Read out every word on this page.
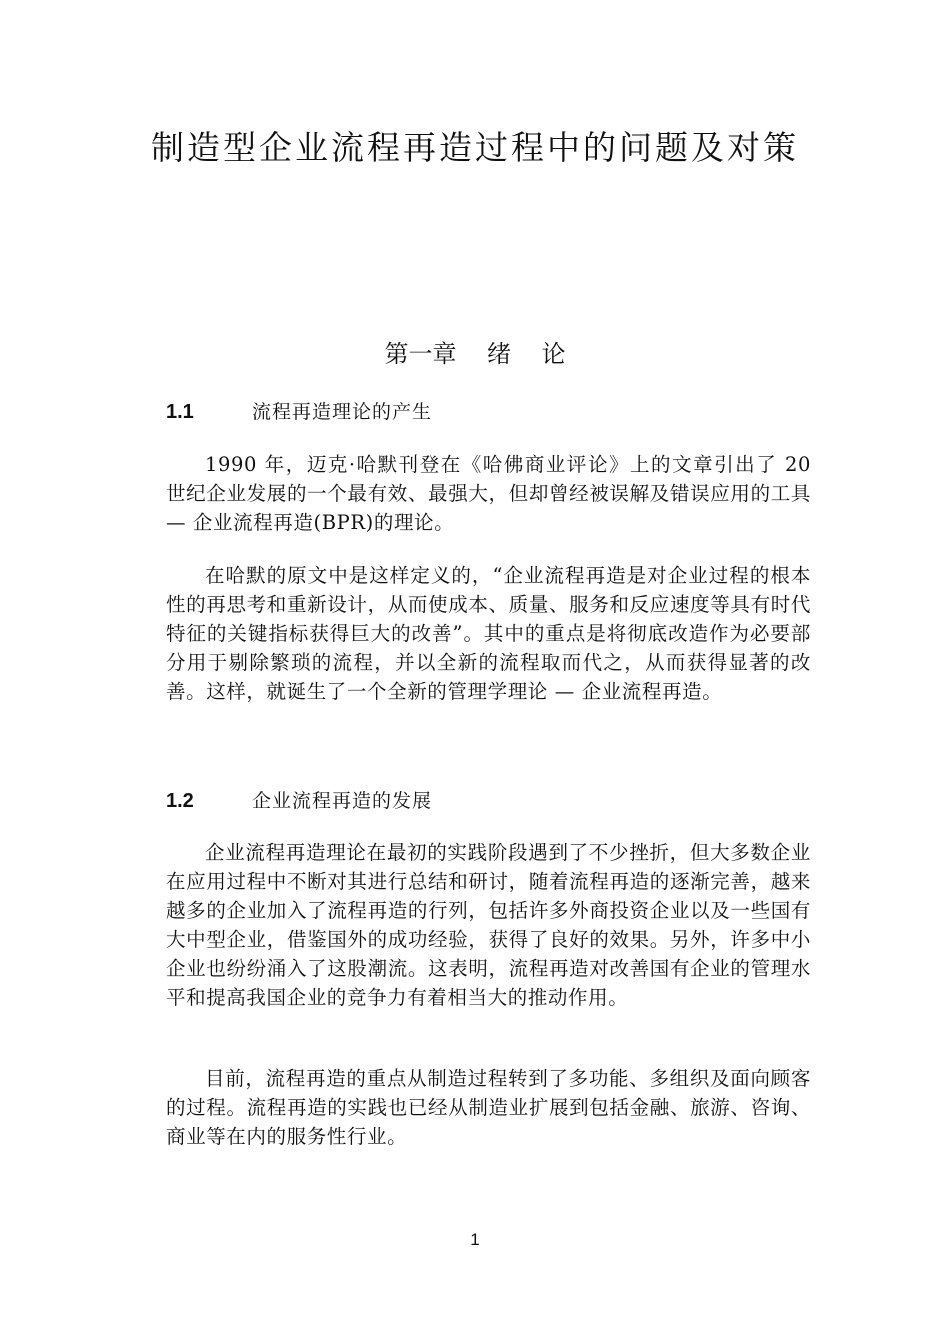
制造型企业流程再造过程中的问题及对策
第一章    绪    论
1.1	流程再造理论的产生

1990 年，迈克·哈默刊登在《哈佛商业评论》上的文章引出了 20 世纪企业发展的一个最有效、最强大，但却曾经被误解及错误应用的工具 — 企业流程再造(BPR)的理论。

在哈默的原文中是这样定义的，“企业流程再造是对企业过程的根本性的再思考和重新设计，从而使成本、质量、服务和反应速度等具有时代特征的关键指标获得巨大的改善”。其中的重点是将彻底改造作为必要部分用于剔除繁琐的流程，并以全新的流程取而代之，从而获得显著的改善。这样，就诞生了一个全新的管理学理论 — 企业流程再造。

1.2	企业流程再造的发展

企业流程再造理论在最初的实践阶段遇到了不少挫折，但大多数企业在应用过程中不断对其进行总结和研讨，随着流程再造的逐渐完善，越来越多的企业加入了流程再造的行列，包括许多外商投资企业以及一些国有大中型企业，借鉴国外的成功经验，获得了良好的效果。另外，许多中小企业也纷纷涌入了这股潮流。这表明，流程再造对改善国有企业的管理水平和提高我国企业的竞争力有着相当大的推动作用。

目前，流程再造的重点从制造过程转到了多功能、多组织及面向顾客的过程。流程再造的实践也已经从制造业扩展到包括金融、旅游、咨询、商业等在内的服务性行业。

1
